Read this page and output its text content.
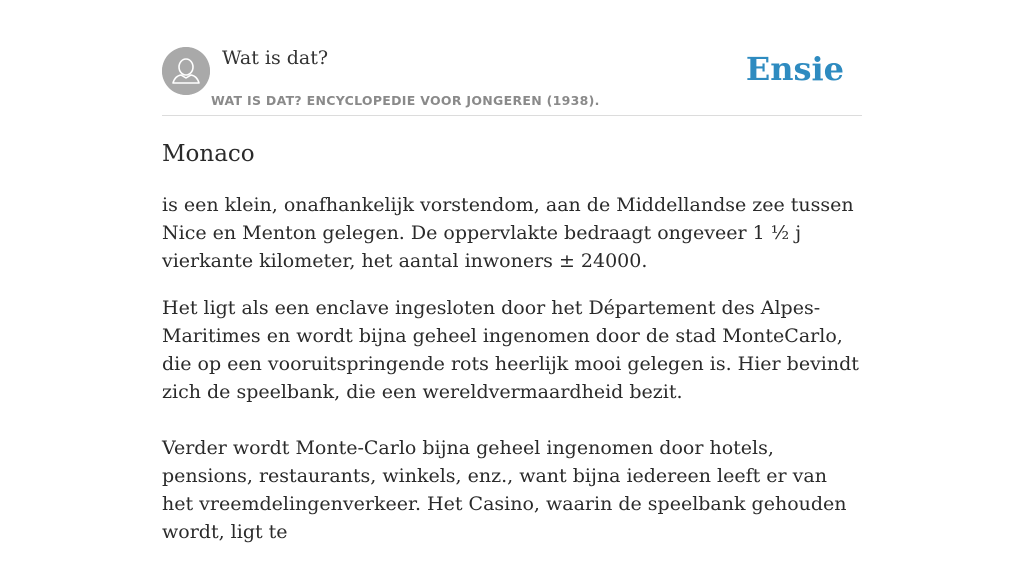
Wat is dat?
WAT IS DAT? ENCYCLOPEDIE VOOR JONGEREN (1938).
Ensie
Monaco

is een klein, onafhankelijk vorstendom, aan de Middellandse zee tussen Nice en Menton gelegen. De oppervlakte bedraagt ongeveer 1 ½ j vierkante kilometer, het aantal inwoners ± 24000.

Het ligt als een enclave ingesloten door het Département des Alpes-Maritimes en wordt bijna geheel ingenomen door de stad MonteCarlo, die op een vooruitspringende rots heerlijk mooi gelegen is. Hier bevindt zich de speelbank, die een wereldvermaardheid bezit.

Verder wordt Monte-Carlo bijna geheel ingenomen door hotels, pensions, restaurants, winkels, enz., want bijna iedereen leeft er van het vreemdelingenverkeer. Het Casino, waarin de speelbank gehouden wordt, ligt te
